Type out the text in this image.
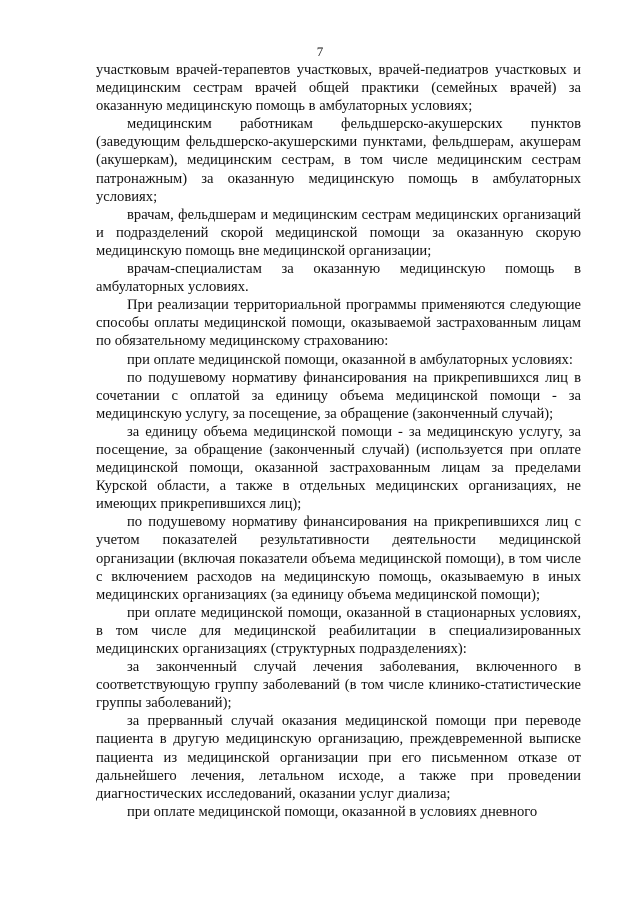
7

участковым врачей-терапевтов участковых, врачей-педиатров участковых и медицинским сестрам врачей общей практики (семейных врачей) за оказанную медицинскую помощь в амбулаторных условиях;

медицинским работникам фельдшерско-акушерских пунктов (заведующим фельдшерско-акушерскими пунктами, фельдшерам, акушерам (акушеркам), медицинским сестрам, в том числе медицинским сестрам патронажным) за оказанную медицинскую помощь в амбулаторных условиях;

врачам, фельдшерам и медицинским сестрам медицинских организаций и подразделений скорой медицинской помощи за оказанную скорую медицинскую помощь вне медицинской организации;

врачам-специалистам за оказанную медицинскую помощь в амбулаторных условиях.

При реализации территориальной программы применяются следующие способы оплаты медицинской помощи, оказываемой застрахованным лицам по обязательному медицинскому страхованию:

при оплате медицинской помощи, оказанной в амбулаторных условиях:

по подушевому нормативу финансирования на прикрепившихся лиц в сочетании с оплатой за единицу объема медицинской помощи - за медицинскую услугу, за посещение, за обращение (законченный случай);

за единицу объема медицинской помощи - за медицинскую услугу, за посещение, за обращение (законченный случай) (используется при оплате медицинской помощи, оказанной застрахованным лицам за пределами Курской области, а также в отдельных медицинских организациях, не имеющих прикрепившихся лиц);

по подушевому нормативу финансирования на прикрепившихся лиц с учетом показателей результативности деятельности медицинской организации (включая показатели объема медицинской помощи), в том числе с включением расходов на медицинскую помощь, оказываемую в иных медицинских организациях (за единицу объема медицинской помощи);

при оплате медицинской помощи, оказанной в стационарных условиях, в том числе для медицинской реабилитации в специализированных медицинских организациях (структурных подразделениях):

за законченный случай лечения заболевания, включенного в соответствующую группу заболеваний (в том числе клинико-статистические группы заболеваний);

за прерванный случай оказания медицинской помощи при переводе пациента в другую медицинскую организацию, преждевременной выписке пациента из медицинской организации при его письменном отказе от дальнейшего лечения, летальном исходе, а также при проведении диагностических исследований, оказании услуг диализа;

при оплате медицинской помощи, оказанной в условиях дневного
